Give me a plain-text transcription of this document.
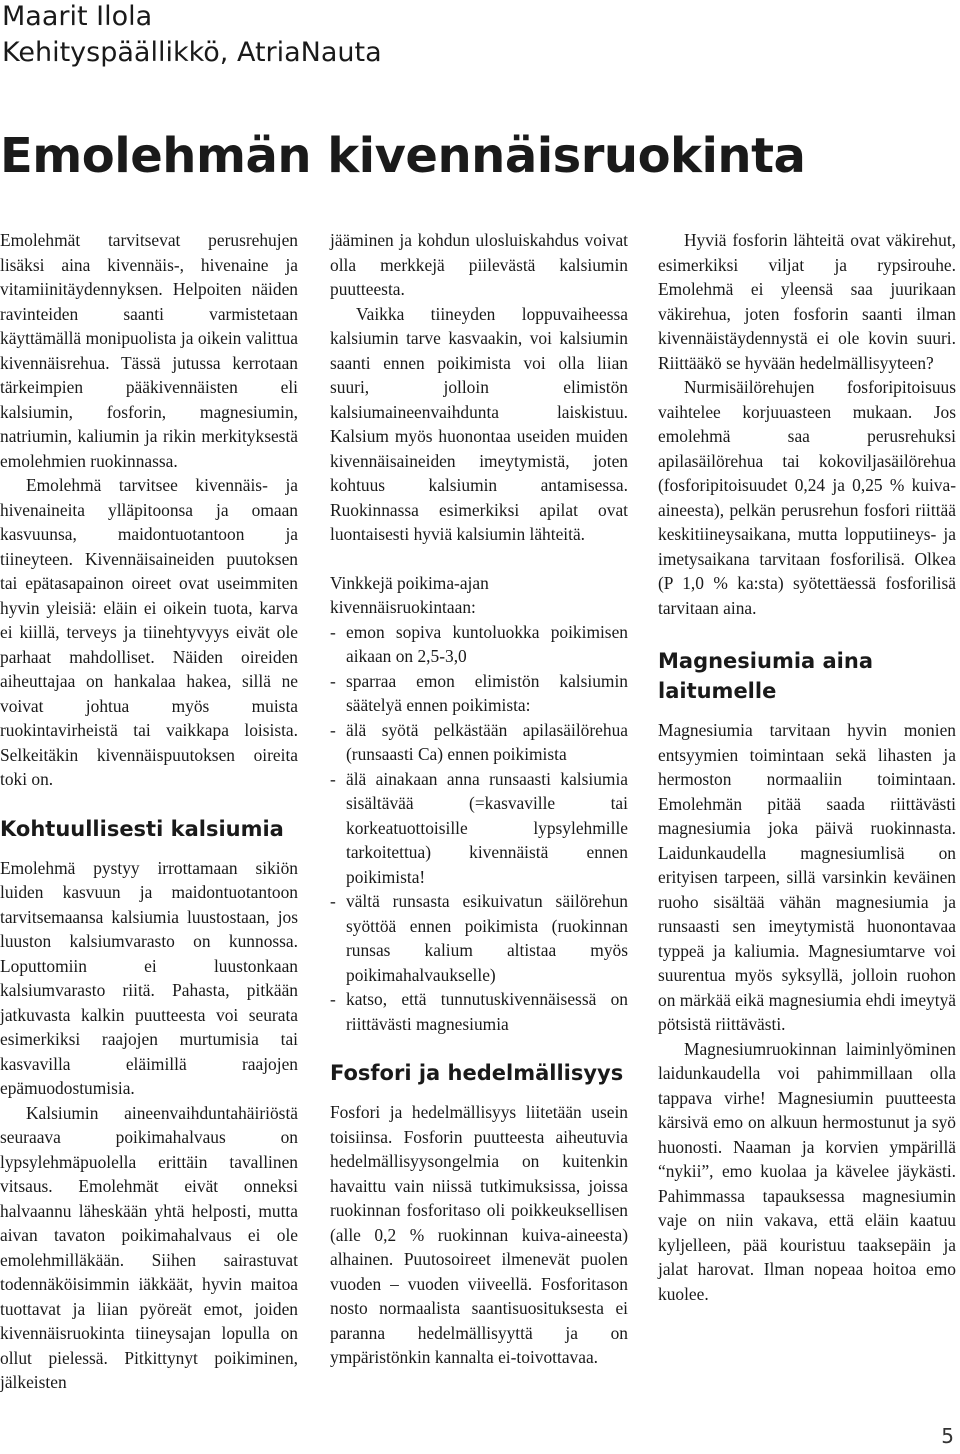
Maarit Ilola
Kehityspäällikkö, AtriaNauta
Emolehmän kivennäisruokinta

Emolehmät tarvitsevat perusrehujen lisäksi aina kivennäis-, hivenaine ja vitamiinitäydennyksen. Helpoiten näiden ravinteiden saanti varmistetaan käyttämällä monipuolista ja oikein valittua kivennäisrehua. Tässä jutussa kerrotaan tärkeimpien pääkivennäisten eli kalsiumin, fosforin, magnesiumin, natriumin, kaliumin ja rikin merkityksestä emolehmien ruokinnassa.

Emolehmä tarvitsee kivennäis- ja hivenaineita ylläpitoonsa ja omaan kasvuunsa, maidontuotantoon ja tiineyteen. Kivennäisaineiden puutoksen tai epätasapainon oireet ovat useimmiten hyvin yleisiä: eläin ei oikein tuota, karva ei kiillä, terveys ja tiinehtyvyys eivät ole parhaat mahdolliset. Näiden oireiden aiheuttajaa on hankalaa hakea, sillä ne voivat johtua myös muista ruokintavirheistä tai vaikkapa loisista. Selkeitäkin kivennäispuutoksen oireita toki on.

Kohtuullisesti kalsiumia

Emolehmä pystyy irrottamaan sikiön luiden kasvuun ja maidontuotantoon tarvitsemaansa kalsiumia luustostaan, jos luuston kalsiumvarasto on kunnossa. Loputtomiin ei luustonkaan kalsiumvarasto riitä. Pahasta, pitkään jatkuvasta kalkin puutteesta voi seurata esimerkiksi raajojen murtumisia tai kasvavilla eläimillä raajojen epämuodostumisia.

Kalsiumin aineenvaihduntahäiriöstä seuraava poikimahalvaus on lypsylehmäpuolella erittäin tavallinen vitsaus. Emolehmät eivät onneksi halvaannu läheskään yhtä helposti, mutta aivan tavaton poikimahalvaus ei ole emolehmilläkään. Siihen sairastuvat todennäköisimmin iäkkäät, hyvin maitoa tuottavat ja liian pyöreät emot, joiden kivennäisruokinta tiineysajan lopulla on ollut pielessä. Pitkittynyt poikiminen, jälkeisten

jääminen ja kohdun ulosluiskahdus voivat olla merkkejä piilevästä kalsiumin puutteesta.

Vaikka tiineyden loppuvaiheessa kalsiumin tarve kasvaakin, voi kalsiumin saanti ennen poikimista voi olla liian suuri, jolloin elimistön kalsiumaineenvaihdunta laiskistuu. Kalsium myös huonontaa useiden muiden kivennäisaineiden imeytymistä, joten kohtuus kalsiumin antamisessa. Ruokinnassa esimerkiksi apilat ovat luontaisesti hyviä kalsiumin lähteitä.

Vinkkejä poikima-ajan kivennäisruokintaan:

- emon sopiva kuntoluokka poikimisen aikaan on 2,5-3,0
- sparraa emon elimistön kalsiumin säätelyä ennen poikimista:
- älä syötä pelkästään apilasäilörehua (runsaasti Ca) ennen poikimista
- älä ainakaan anna runsaasti kalsiumia sisältävää (=kasvaville tai korkeatuottoisille lypsylehmille tarkoitettua) kivennäistä ennen poikimista!
- vältä runsasta esikuivatun säilörehun syöttöä ennen poikimista (ruokinnan runsas kalium altistaa myös poikimahalvaukselle)
- katso, että tunnutuskivennäisessä on riittävästi magnesiumia
Fosfori ja hedelmällisyys

Fosfori ja hedelmällisyys liitetään usein toisiinsa. Fosforin puutteesta aiheutuvia hedelmällisyysongelmia on kuitenkin havaittu vain niissä tutkimuksissa, joissa ruokinnan fosforitaso oli poikkeuksellisen (alle 0,2 % ruokinnan kuiva-aineesta) alhainen. Puutosoireet ilmenevät puolen vuoden – vuoden viiveellä. Fosforitason nosto normaalista saantisuosituksesta ei paranna hedelmällisyyttä ja on ympäristönkin kannalta ei-toivottavaa.

Hyviä fosforin lähteitä ovat väkirehut, esimerkiksi viljat ja rypsirouhe. Emolehmä ei yleensä saa juurikaan väkirehua, joten fosforin saanti ilman kivennäistäydennystä ei ole kovin suuri. Riittääkö se hyvään hedelmällisyyteen?

Nurmisäilörehujen fosforipitoisuus vaihtelee korjuuasteen mukaan. Jos emolehmä saa perusrehuksi apilasäilörehua tai kokoviljasäilörehua (fosforipitoisuudet 0,24 ja 0,25 % kuiva-aineesta), pelkän perusrehun fosfori riittää keskitiineysaikana, mutta lopputiineys- ja imetysaikana tarvitaan fosforilisä. Olkea (P 1,0 % ka:sta) syötettäessä fosforilisä tarvitaan aina.

Magnesiumia aina laitumelle

Magnesiumia tarvitaan hyvin monien entsyymien toimintaan sekä lihasten ja hermoston normaaliin toimintaan. Emolehmän pitää saada riittävästi magnesiumia joka päivä ruokinnasta. Laidunkaudella magnesiumlisä on erityisen tarpeen, sillä varsinkin keväinen ruoho sisältää vähän magnesiumia ja runsaasti sen imeytymistä huonontavaa typpeä ja kaliumia. Magnesiumtarve voi suurentua myös syksyllä, jolloin ruohon on märkää eikä magnesiumia ehdi imeytyä pötsistä riittävästi.

Magnesiumruokinnan laiminlyöminen laidunkaudella voi pahimmillaan olla tappava virhe! Magnesiumin puutteesta kärsivä emo on alkuun hermostunut ja syö huonosti. Naaman ja korvien ympärillä “nykii”, emo kuolaa ja kävelee jäykästi. Pahimmassa tapauksessa magnesiumin vaje on niin vakava, että eläin kaatuu kyljelleen, pää kouristuu taaksepäin ja jalat harovat. Ilman nopeaa hoitoa emo kuolee.

5
